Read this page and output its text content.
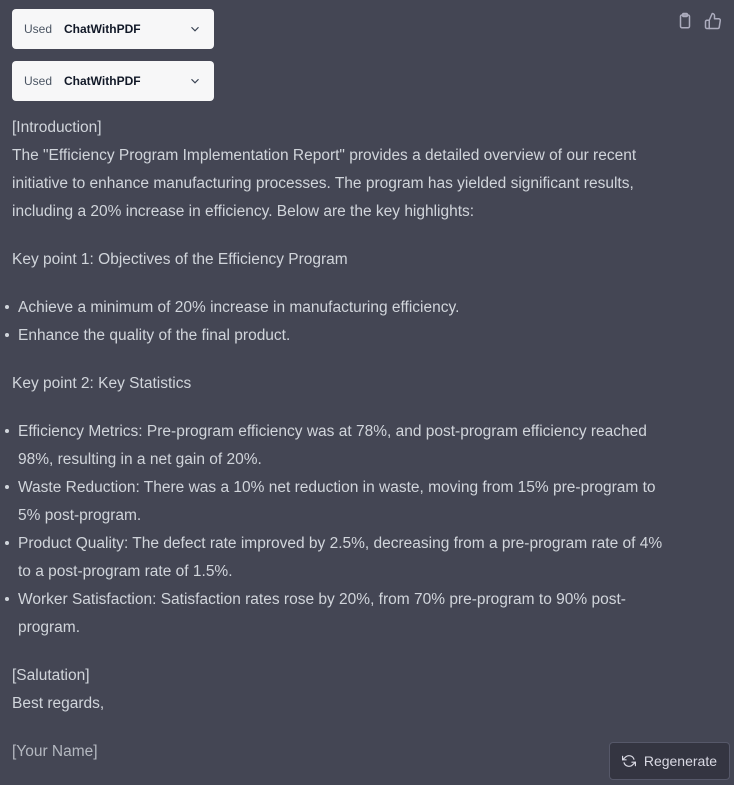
Used ChatWithPDF
Used ChatWithPDF

[Introduction]

The "Efficiency Program Implementation Report" provides a detailed overview of our recent initiative to enhance manufacturing processes. The program has yielded significant results, including a 20% increase in efficiency. Below are the key highlights:

Key point 1: Objectives of the Efficiency Program

Achieve a minimum of 20% increase in manufacturing efficiency.
Enhance the quality of the final product.

Key point 2: Key Statistics

Efficiency Metrics: Pre-program efficiency was at 78%, and post-program efficiency reached 98%, resulting in a net gain of 20%.
Waste Reduction: There was a 10% net reduction in waste, moving from 15% pre-program to 5% post-program.
Product Quality: The defect rate improved by 2.5%, decreasing from a pre-program rate of 4% to a post-program rate of 1.5%.
Worker Satisfaction: Satisfaction rates rose by 20%, from 70% pre-program to 90% post-program.

[Salutation]

Best regards,

[Your Name]

Regenerate
